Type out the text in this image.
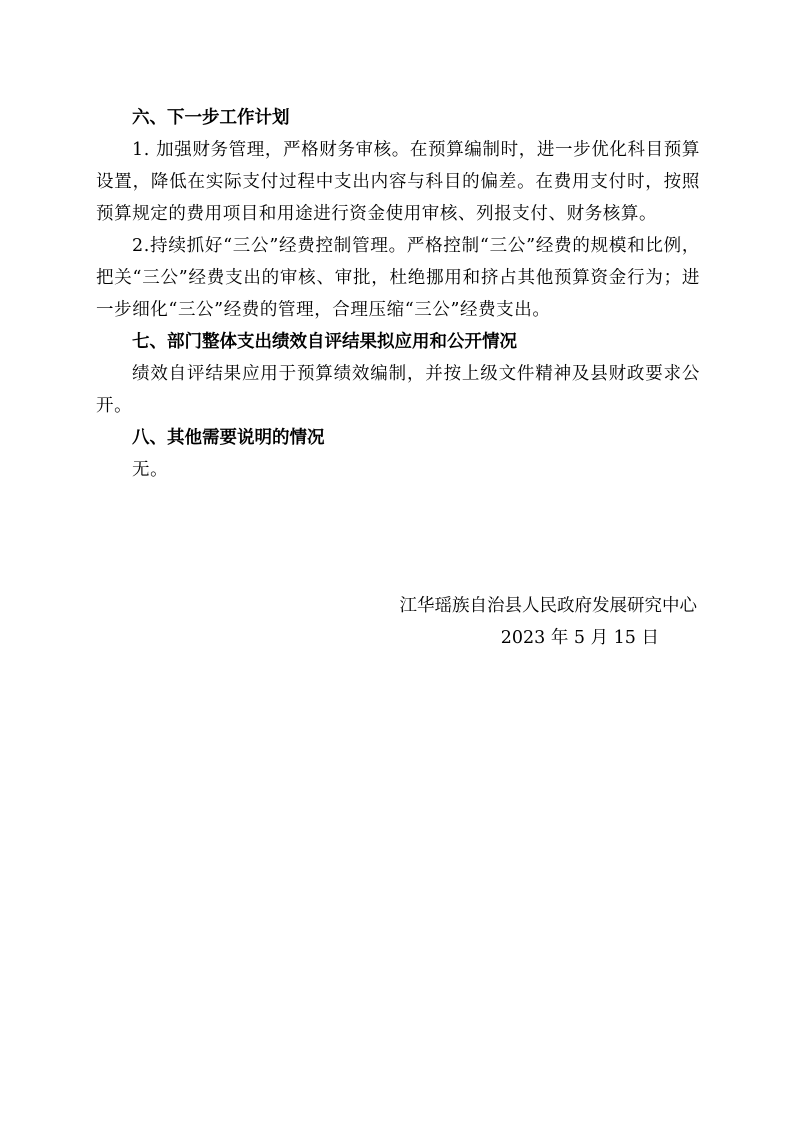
六、下一步工作计划

1. 加强财务管理，严格财务审核。在预算编制时，进一步优化科目预算设置，降低在实际支付过程中支出内容与科目的偏差。在费用支付时，按照预算规定的费用项目和用途进行资金使用审核、列报支付、财务核算。

2.持续抓好“三公”经费控制管理。严格控制“三公”经费的规模和比例，把关“三公”经费支出的审核、审批，杜绝挪用和挤占其他预算资金行为；进一步细化“三公”经费的管理，合理压缩“三公”经费支出。

七、部门整体支出绩效自评结果拟应用和公开情况

绩效自评结果应用于预算绩效编制，并按上级文件精神及县财政要求公开。

八、其他需要说明的情况

无。

江华瑶族自治县人民政府发展研究中心
2023 年 5 月 15 日
